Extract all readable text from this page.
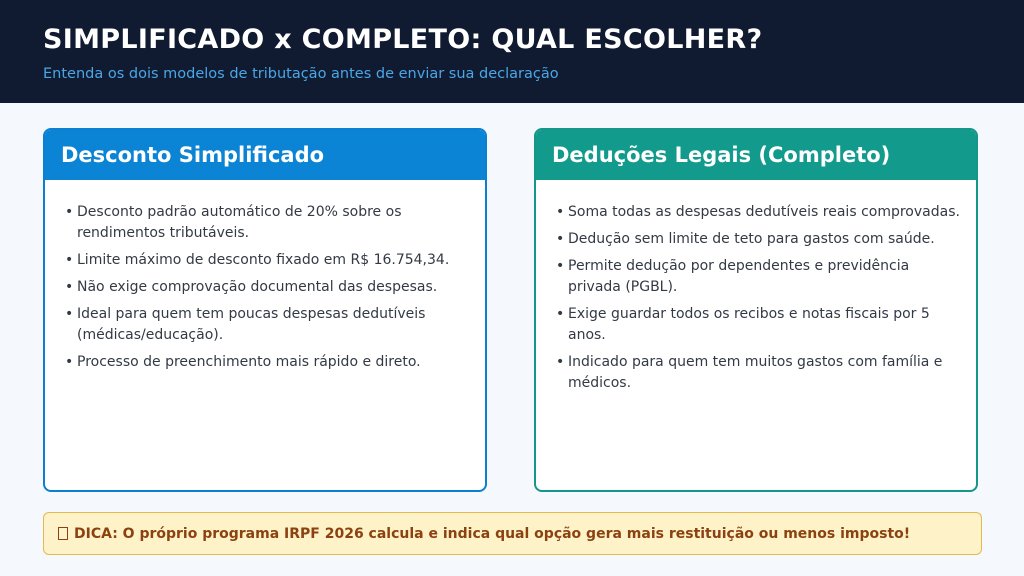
SIMPLIFICADO x COMPLETO: QUAL ESCOLHER?
Entenda os dois modelos de tributação antes de enviar sua declaração
Desconto Simplificado
• Desconto padrão automático de 20% sobre os rendimentos tributáveis.
• Limite máximo de desconto fixado em R$ 16.754,34.
• Não exige comprovação documental das despesas.
• Ideal para quem tem poucas despesas dedutíveis (médicas/educação).
• Processo de preenchimento mais rápido e direto.
Deduções Legais (Completo)
• Soma todas as despesas dedutíveis reais comprovadas.
• Dedução sem limite de teto para gastos com saúde.
• Permite dedução por dependentes e previdência privada (PGBL).
• Exige guardar todos os recibos e notas fiscais por 5 anos.
• Indicado para quem tem muitos gastos com família e médicos.
DICA: O próprio programa IRPF 2026 calcula e indica qual opção gera mais restituição ou menos imposto!
